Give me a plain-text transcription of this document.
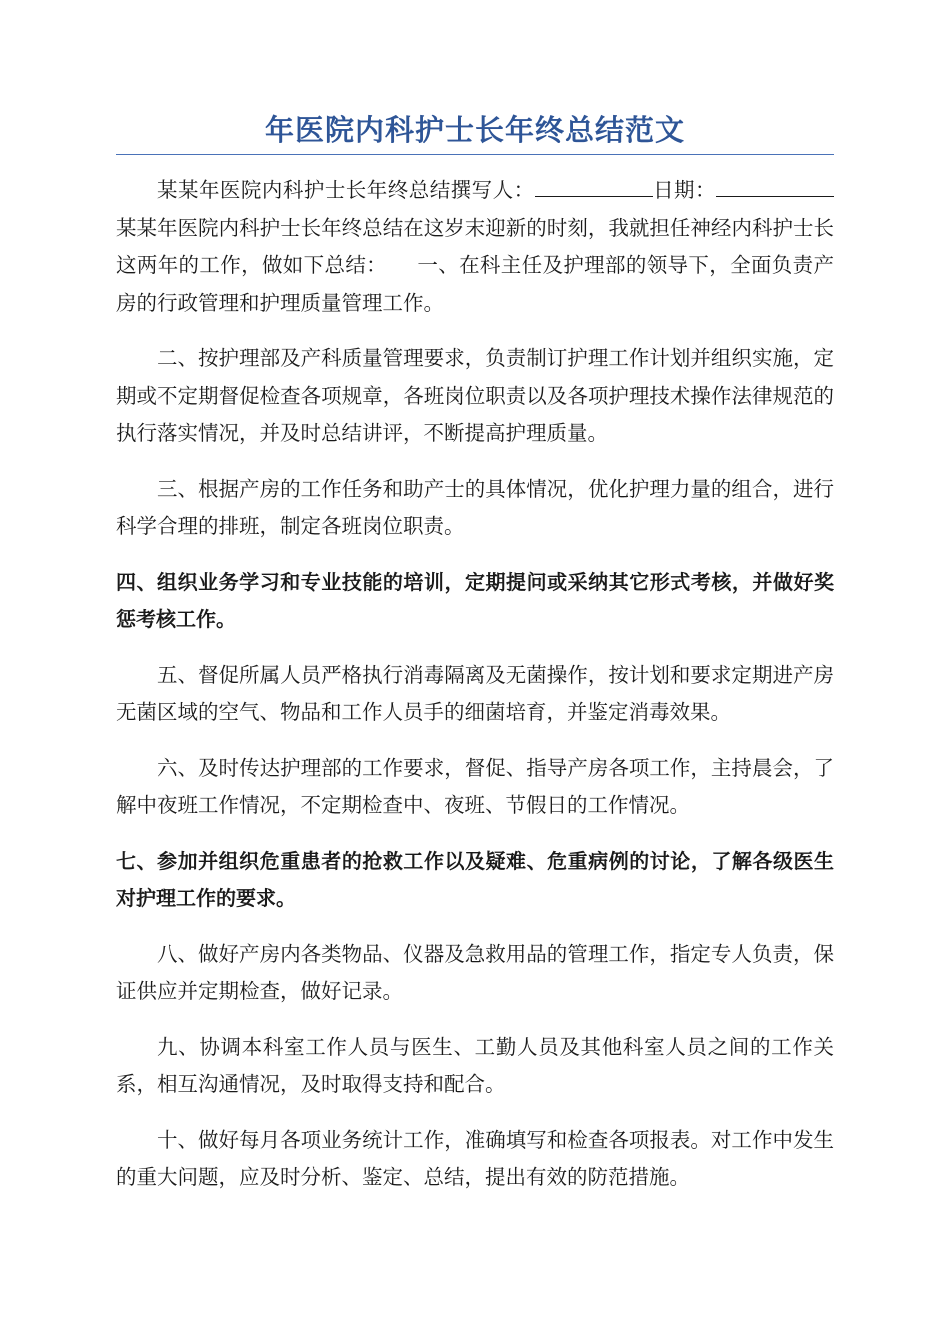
年医院内科护士长年终总结范文

某某年医院内科护士长年终总结撰写人：	日期：某某年医院内科护士长年终总结在这岁末迎新的时刻，我就担任神经内科护士长这两年的工作，做如下总结： 一、在科主任及护理部的领导下，全面负责产房的行政管理和护理质量管理工作。

二、按护理部及产科质量管理要求，负责制订护理工作计划并组织实施，定期或不定期督促检查各项规章，各班岗位职责以及各项护理技术操作法律规范的执行落实情况，并及时总结讲评，不断提高护理质量。

三、根据产房的工作任务和助产士的具体情况，优化护理力量的组合，进行科学合理的排班，制定各班岗位职责。

四、组织业务学习和专业技能的培训，定期提问或采纳其它形式考核，并做好奖惩考核工作。

五、督促所属人员严格执行消毒隔离及无菌操作，按计划和要求定期进产房无菌区域的空气、物品和工作人员手的细菌培育，并鉴定消毒效果。

六、及时传达护理部的工作要求，督促、指导产房各项工作，主持晨会，了解中夜班工作情况，不定期检查中、夜班、节假日的工作情况。

七、参加并组织危重患者的抢救工作以及疑难、危重病例的讨论，了解各级医生对护理工作的要求。

八、做好产房内各类物品、仪器及急救用品的管理工作，指定专人负责，保证供应并定期检查，做好记录。

九、协调本科室工作人员与医生、工勤人员及其他科室人员之间的工作关系，相互沟通情况，及时取得支持和配合。

十、做好每月各项业务统计工作，准确填写和检查各项报表。对工作中发生的重大问题，应及时分析、鉴定、总结，提出有效的防范措施。
